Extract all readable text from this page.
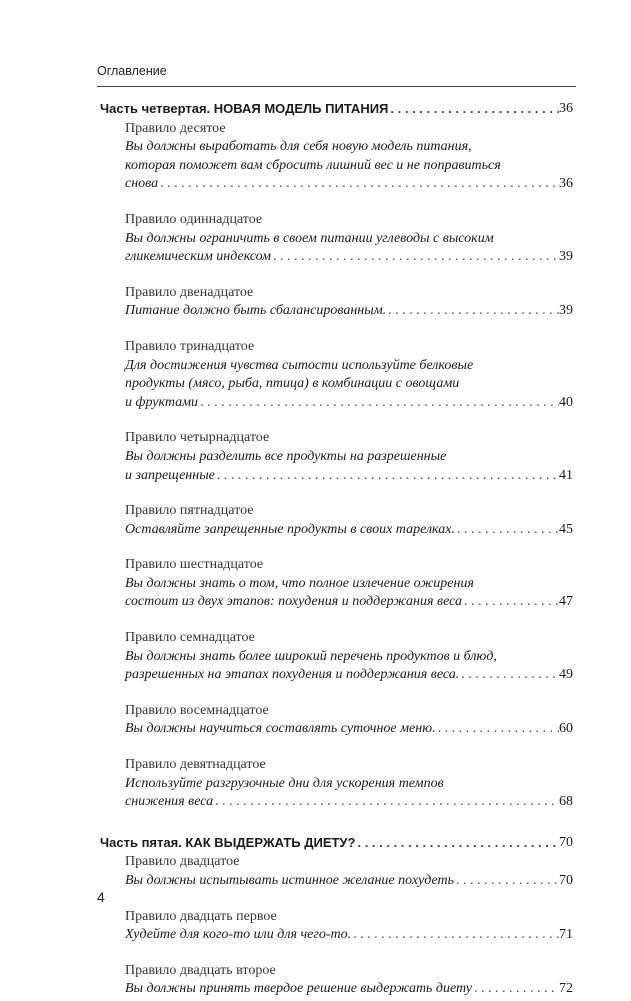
Оглавление
Часть четвертая. НОВАЯ МОДЕЛЬ ПИТАНИЯ . . .	36
Правило десятое
Вы должны выработать для себя новую модель питания,
которая поможет вам сбросить лишний вес и не поправиться
снова . . .	36
Правило одиннадцатое
Вы должны ограничить в своем питании углеводы с высоким
гликемическим индексом . . .	39
Правило двенадцатое
Питание должно быть сбалансированным. . . .	39
Правило тринадцатое
Для достижения чувства сытости используйте белковые
продукты (мясо, рыба, птица) в комбинации с овощами
и фруктами . . .	40
Правило четырнадцатое
Вы должны разделить все продукты на разрешенные
и запрещенные . . .	41
Правило пятнадцатое
Оставляйте запрещенные продукты в своих тарелках. . . .	45
Правило шестнадцатое
Вы должны знать о том, что полное излечение ожирения
состоит из двух этапов: похудения и поддержания веса . . .	47
Правило семнадцатое
Вы должны знать более широкий перечень продуктов и блюд,
разрешенных на этапах похудения и поддержания веса. . . .	49
Правило восемнадцатое
Вы должны научиться составлять суточное меню. . . .	60
Правило девятнадцатое
Используйте разгрузочные дни для ускорения темпов
снижения веса . . .	68
Часть пятая. КАК ВЫДЕРЖАТЬ ДИЕТУ? . . .	70
Правило двадцатое
Вы должны испытывать истинное желание похудеть . . .	70
Правило двадцать первое
Худейте для кого-то или для чего-то. . . .	71
Правило двадцать второе
Вы должны принять твердое решение выдержать диету . . .	72
4
